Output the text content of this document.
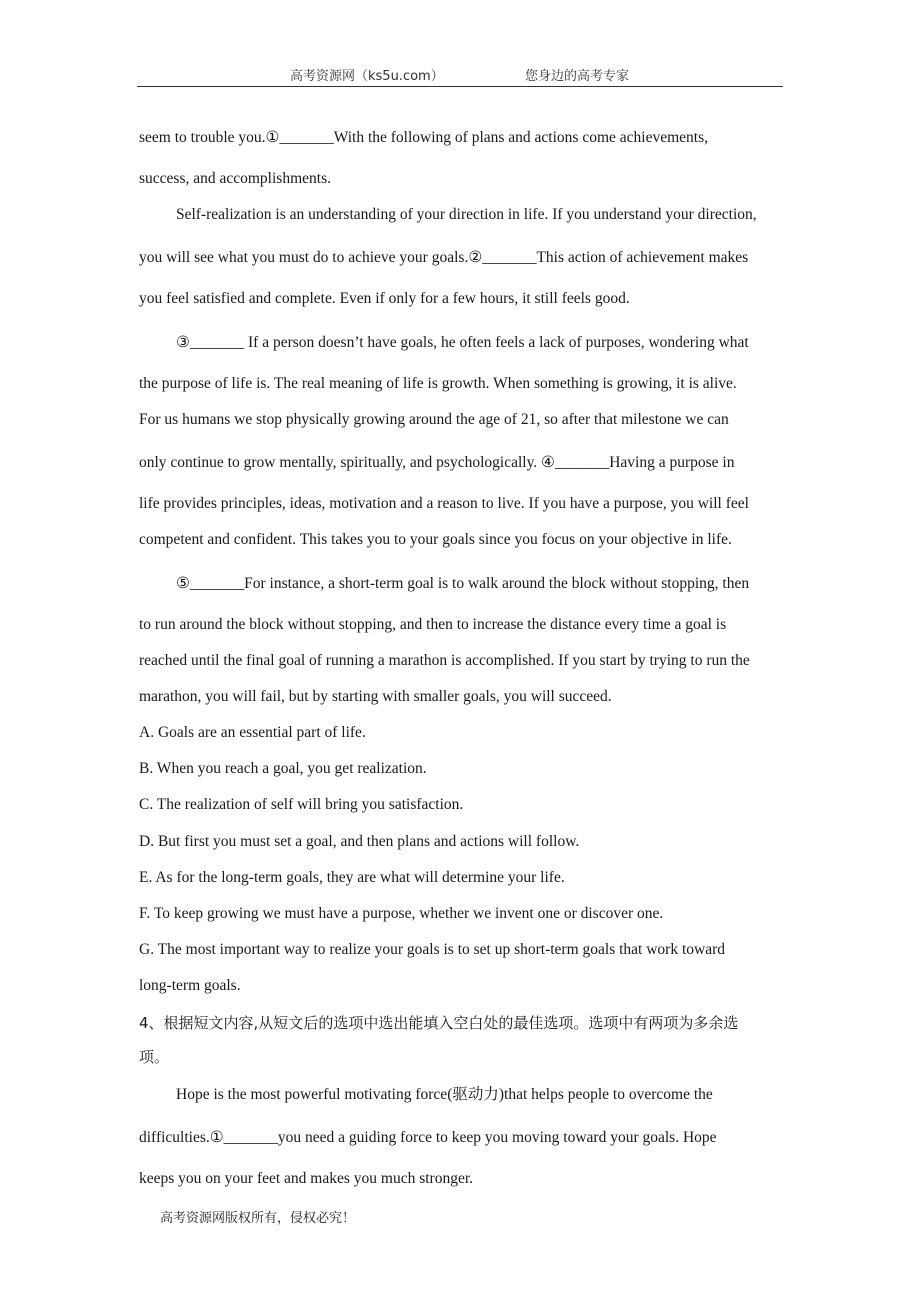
高考资源网（ks5u.com）	您身边的高考专家
seem to trouble you.①_______With the following of plans and actions come achievements,
success, and accomplishments.
Self-realization is an understanding of your direction in life. If you understand your direction,
you will see what you must do to achieve your goals.②_______This action of achievement makes
you feel satisfied and complete. Even if only for a few hours, it still feels good.
③_______ If a person doesn’t have goals, he often feels a lack of purposes, wondering what
the purpose of life is. The real meaning of life is growth. When something is growing, it is alive.
For us humans we stop physically growing around the age of 21, so after that milestone we can
only continue to grow mentally, spiritually, and psychologically. ④_______Having a purpose in
life provides principles, ideas, motivation and a reason to live. If you have a purpose, you will feel
competent and confident. This takes you to your goals since you focus on your objective in life.
⑤_______For instance, a short-term goal is to walk around the block without stopping, then
to run around the block without stopping, and then to increase the distance every time a goal is
reached until the final goal of running a marathon is accomplished. If you start by trying to run the
marathon, you will fail, but by starting with smaller goals, you will succeed.
A. Goals are an essential part of life.
B. When you reach a goal, you get realization.
C. The realization of self will bring you satisfaction.
D. But first you must set a goal, and then plans and actions will follow.
E. As for the long-term goals, they are what will determine your life.
F. To keep growing we must have a purpose, whether we invent one or discover one.
G. The most important way to realize your goals is to set up short-term goals that work toward
long-term goals.
4、根据短文内容,从短文后的选项中选出能填入空白处的最佳选项。选项中有两项为多余选
项。
Hope is the most powerful motivating force(驱动力)that helps people to overcome the
difficulties.①_______you need a guiding force to keep you moving toward your goals. Hope
keeps you on your feet and makes you much stronger.
高考资源网版权所有，侵权必究！
